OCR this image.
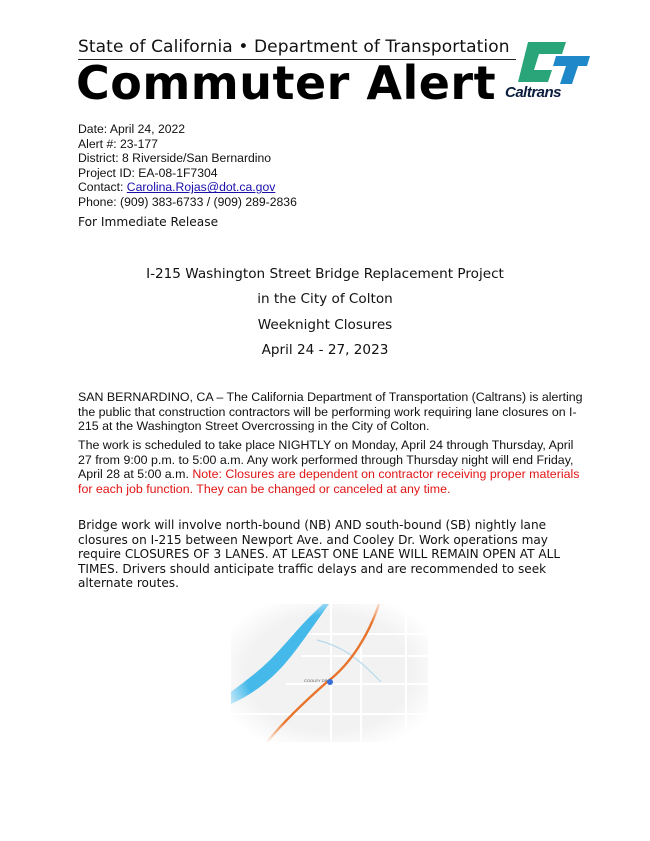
State of California • Department of Transportation
Commuter Alert Caltrans
Date: April 24, 2022
Alert #: 23-177
District: 8 Riverside/San Bernardino
Project ID: EA-08-1F7304
Contact: Carolina.Rojas@dot.ca.gov
Phone: (909) 383-6733 / (909) 289-2836
For Immediate Release
I-215 Washington Street Bridge Replacement Project
in the City of Colton
Weeknight Closures
April 24 - 27, 2023

SAN BERNARDINO, CA – The California Department of Transportation (Caltrans) is alerting the public that construction contractors will be performing work requiring lane closures on I-215 at the Washington Street Overcrossing in the City of Colton.

The work is scheduled to take place NIGHTLY on Monday, April 24 through Thursday, April 27 from 9:00 p.m. to 5:00 a.m. Any work performed through Thursday night will end Friday, April 28 at 5:00 a.m. Note: Closures are dependent on contractor receiving proper materials for each job function. They can be changed or canceled at any time.

Bridge work will involve north-bound (NB) AND south-bound (SB) nightly lane closures on I-215 between Newport Ave. and Cooley Dr. Work operations may require CLOSURES OF 3 LANES. AT LEAST ONE LANE WILL REMAIN OPEN AT ALL TIMES. Drivers should anticipate traffic delays and are recommended to seek alternate routes.
